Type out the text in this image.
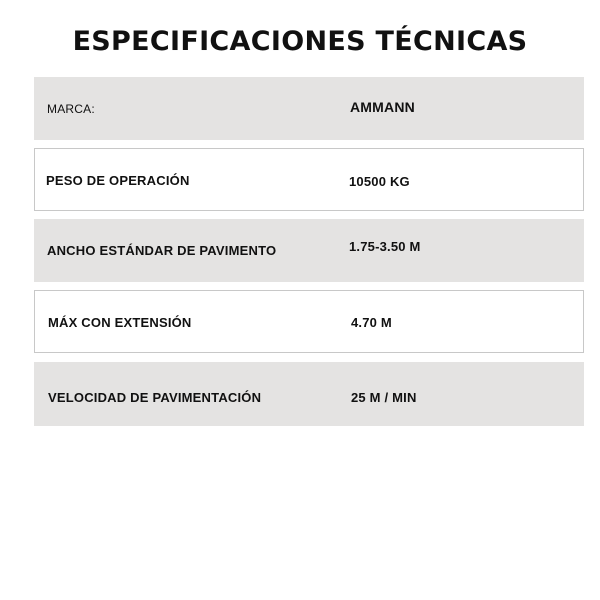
ESPECIFICACIONES TÉCNICAS
MARCA:	AMMANN
PESO DE OPERACIÓN	10500 KG
ANCHO ESTÁNDAR DE PAVIMENTO	1.75-3.50 M
MÁX CON EXTENSIÓN	4.70 M
VELOCIDAD DE PAVIMENTACIÓN	25 M / MIN
